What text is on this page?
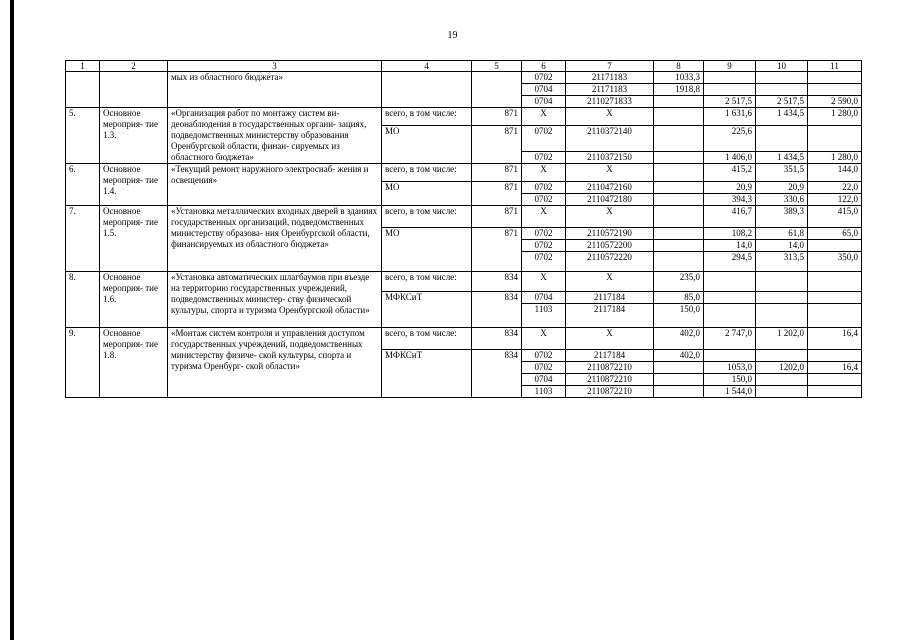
19
1	2	3	4	5	6	7	8	9	10	11
		мых из областного бюджета»			0702	21171183	1033,3			
					0704	21171183	1918,8			
					0704	2110271833		2 517,5	2 517,5	2 590,0
5.	Основное мероприя- тие 1.3.	«Организация работ по монтажу систем ви- деонаблюдения в государственных органи- зациях, подведомственных министерству образования Оренбургской области, финан- сируемых из областного бюджета»	всего, в том числе:	871	Х	Х		1 631,6	1 434,5	1 280,0
			МО	871	0702	2110372140		225,6		
					0702	2110372150		1 406,0	1 434,5	1 280,0
6.	Основное мероприя- тие 1.4.	«Текущий ремонт наружного электроснаб- жения и освещения»	всего, в том числе:	871	Х	Х		415,2	351,5	144,0
			МО	871	0702	2110472160		20,9	20,9	22,0
					0702	2110472180		394,3	330,6	122,0
7.	Основное мероприя- тие 1.5.	«Установка металлических входных дверей в зданиях государственных организаций, подведомственных министерству образова- ния Оренбургской области, финансируемых из областного бюджета»	всего, в том числе:	871	Х	Х		416,7	389,3	415,0
			МО	871	0702	2110572190		108,2	61,8	65,0
					0702	2110572200		14,0	14,0	
					0702	2110572220		294,5	313,5	350,0
8.	Основное мероприя- тие 1.6.	«Установка автоматических шлагбаумов при въезде на территорию государственных учреждений, подведомственных министер- ству физической культуры, спорта и туризма Оренбургской области»	всего, в том числе:	834	Х	Х	235,0			
			МФКСиТ	834	0704	2117184	85,0			
					1103	2117184	150,0			
9.	Основное мероприя- тие 1.8.	«Монтаж систем контроля и управления доступом государственных учреждений, подведомственных министерству физиче- ской культуры, спорта и туризма Оренбург- ской области»	всего, в том числе:	834	Х	Х	402,0	2 747,0	1 202,0	16,4
			МФКСиТ	834	0702	2117184	402,0			
					0702	2110872210		1053,0	1202,0	16,4
					0704	2110872210		150,0		
					1103	2110872210		1 544,0		
